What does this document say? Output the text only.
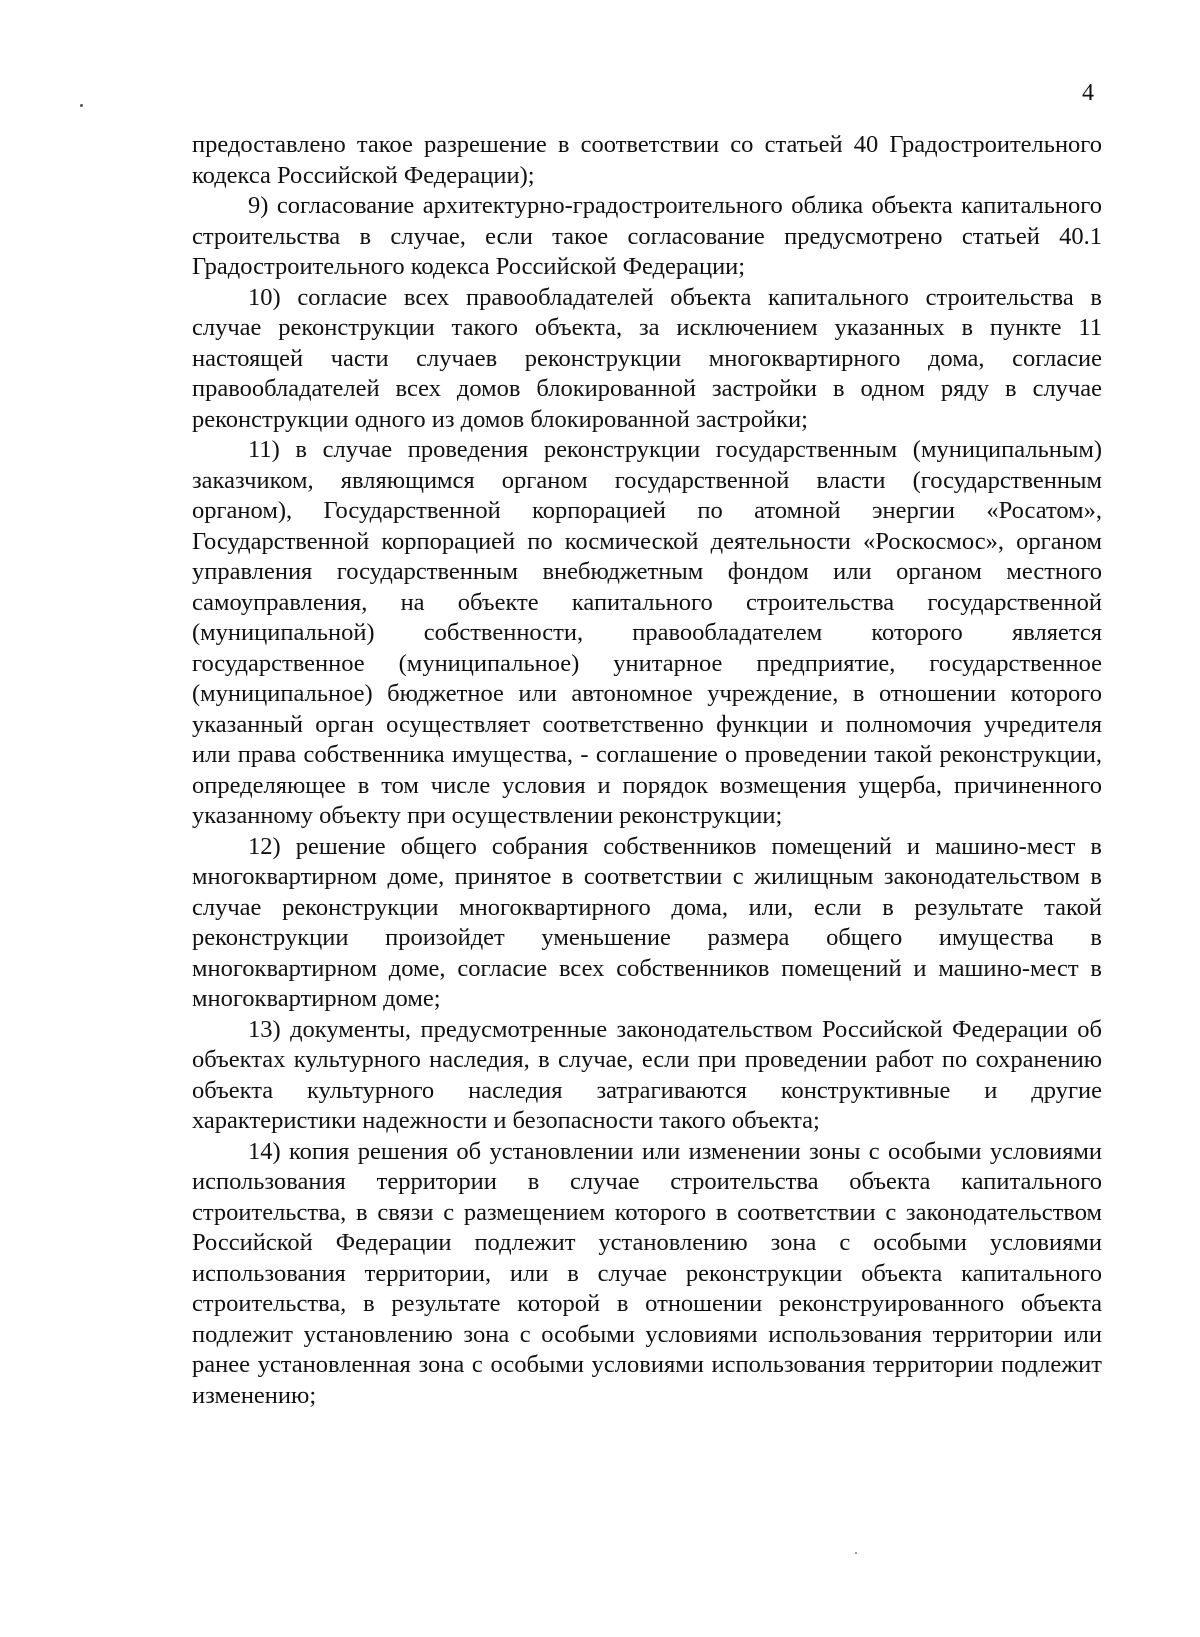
4

предоставлено такое разрешение в соответствии со статьей 40 Градостроительного кодекса Российской Федерации);

9) согласование архитектурно-градостроительного облика объекта капитального строительства в случае, если такое согласование предусмотрено статьей 40.1 Градостроительного кодекса Российской Федерации;

10) согласие всех правообладателей объекта капитального строительства в случае реконструкции такого объекта, за исключением указанных в пункте 11 настоящей части случаев реконструкции многоквартирного дома, согласие правообладателей всех домов блокированной застройки в одном ряду в случае реконструкции одного из домов блокированной застройки;

11) в случае проведения реконструкции государственным (муниципальным) заказчиком, являющимся органом государственной власти (государственным органом), Государственной корпорацией по атомной энергии «Росатом», Государственной корпорацией по космической деятельности «Роскосмос», органом управления государственным внебюджетным фондом или органом местного самоуправления, на объекте капитального строительства государственной (муниципальной) собственности, правообладателем которого является государственное (муниципальное) унитарное предприятие, государственное (муниципальное) бюджетное или автономное учреждение, в отношении которого указанный орган осуществляет соответственно функции и полномочия учредителя или права собственника имущества, - соглашение о проведении такой реконструкции, определяющее в том числе условия и порядок возмещения ущерба, причиненного указанному объекту при осуществлении реконструкции;

12) решение общего собрания собственников помещений и машино-мест в многоквартирном доме, принятое в соответствии с жилищным законодательством в случае реконструкции многоквартирного дома, или, если в результате такой реконструкции произойдет уменьшение размера общего имущества в многоквартирном доме, согласие всех собственников помещений и машино-мест в многоквартирном доме;

13) документы, предусмотренные законодательством Российской Федерации об объектах культурного наследия, в случае, если при проведении работ по сохранению объекта культурного наследия затрагиваются конструктивные и другие характеристики надежности и безопасности такого объекта;

14) копия решения об установлении или изменении зоны с особыми условиями использования территории в случае строительства объекта капитального строительства, в связи с размещением которого в соответствии с законодательством Российской Федерации подлежит установлению зона с особыми условиями использования территории, или в случае реконструкции объекта капитального строительства, в результате которой в отношении реконструированного объекта подлежит установлению зона с особыми условиями использования территории или ранее установленная зона с особыми условиями использования территории подлежит изменению;
